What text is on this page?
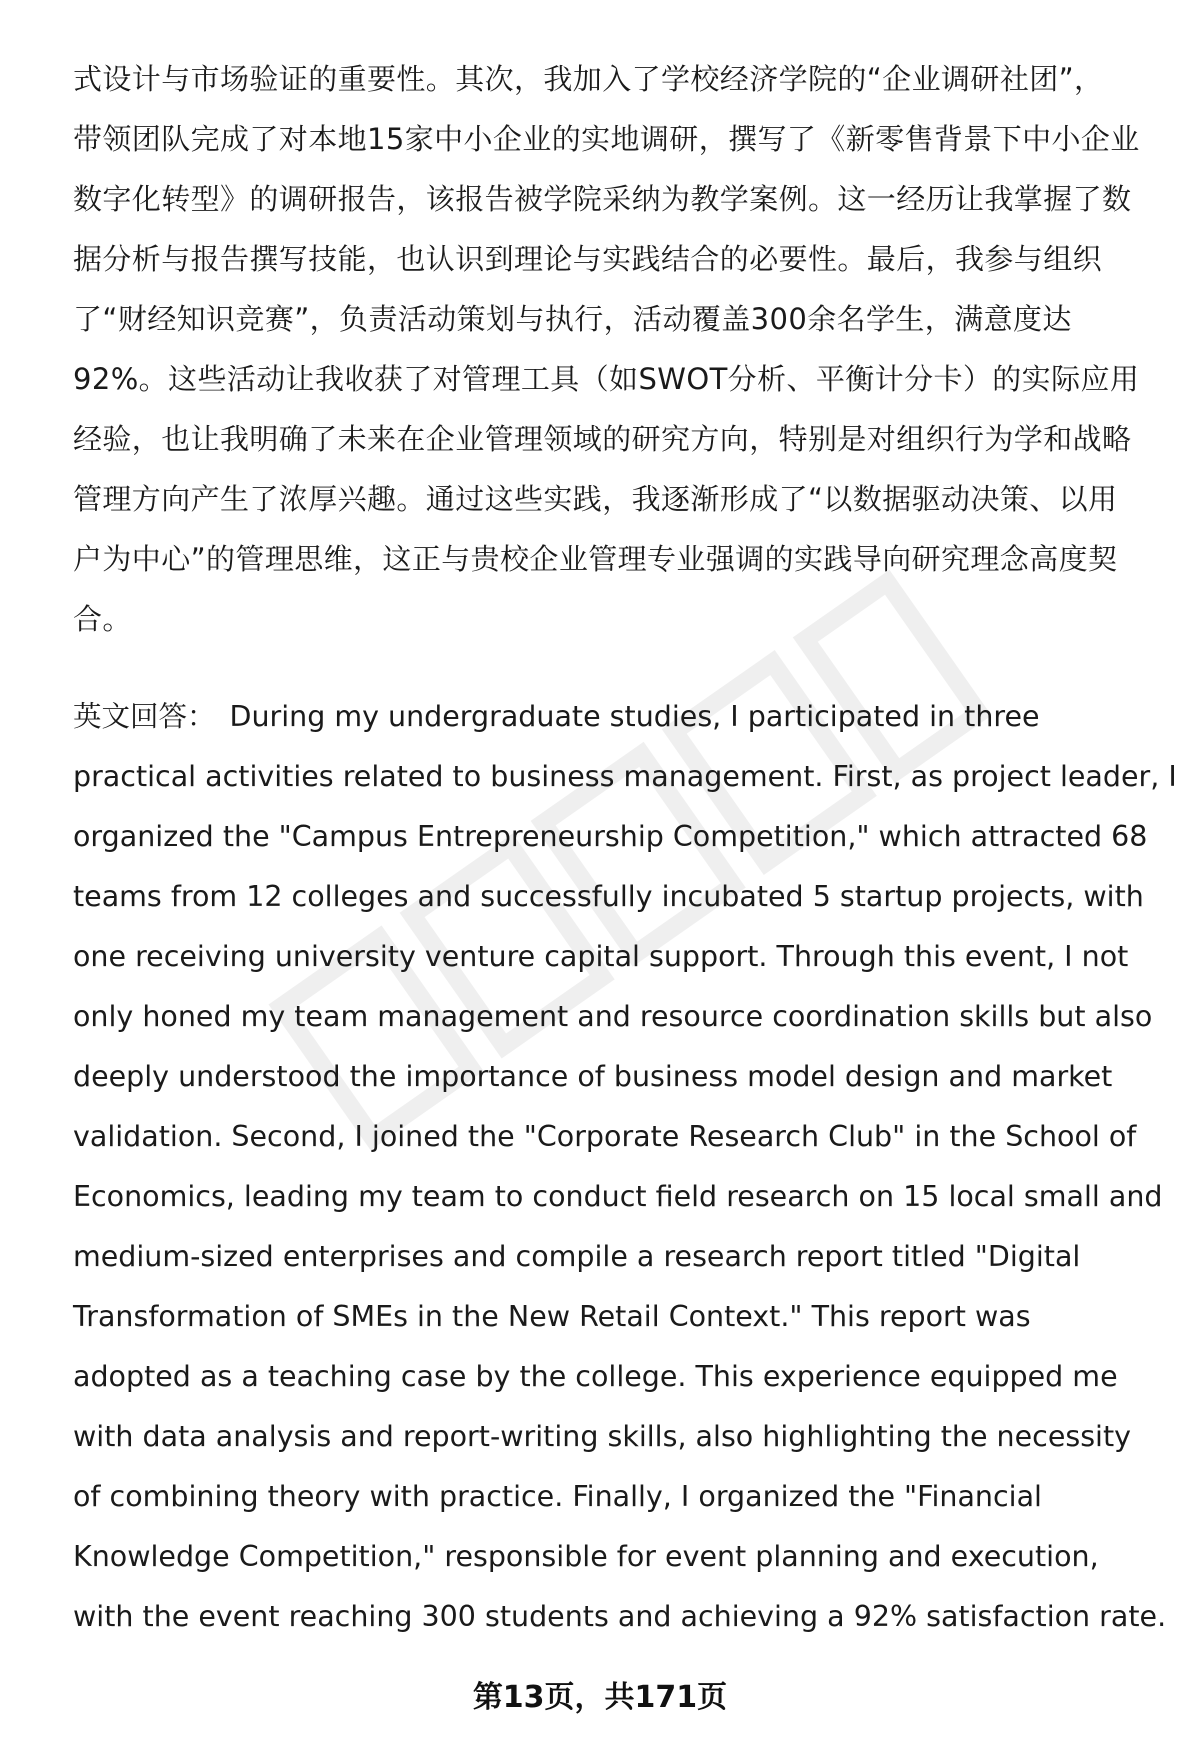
式设计与市场验证的重要性。其次，我加入了学校经济学院的“企业调研社团”，
带领团队完成了对本地15家中小企业的实地调研，撰写了《新零售背景下中小企业
数字化转型》的调研报告，该报告被学院采纳为教学案例。这一经历让我掌握了数
据分析与报告撰写技能，也认识到理论与实践结合的必要性。最后，我参与组织
了“财经知识竞赛”，负责活动策划与执行，活动覆盖300余名学生，满意度达
92%。这些活动让我收获了对管理工具（如SWOT分析、平衡计分卡）的实际应用
经验，也让我明确了未来在企业管理领域的研究方向，特别是对组织行为学和战略
管理方向产生了浓厚兴趣。通过这些实践，我逐渐形成了“以数据驱动决策、以用
户为中心”的管理思维，这正与贵校企业管理专业强调的实践导向研究理念高度契
合。
英文回答： During my undergraduate studies, I participated in three
practical activities related to business management. First, as project leader, I
organized the "Campus Entrepreneurship Competition," which attracted 68
teams from 12 colleges and successfully incubated 5 startup projects, with
one receiving university venture capital support. Through this event, I not
only honed my team management and resource coordination skills but also
deeply understood the importance of business model design and market
validation. Second, I joined the "Corporate Research Club" in the School of
Economics, leading my team to conduct field research on 15 local small and
medium-sized enterprises and compile a research report titled "Digital
Transformation of SMEs in the New Retail Context." This report was
adopted as a teaching case by the college. This experience equipped me
with data analysis and report-writing skills, also highlighting the necessity
of combining theory with practice. Finally, I organized the "Financial
Knowledge Competition," responsible for event planning and execution,
with the event reaching 300 students and achieving a 92% satisfaction rate.
第13页，共171页
